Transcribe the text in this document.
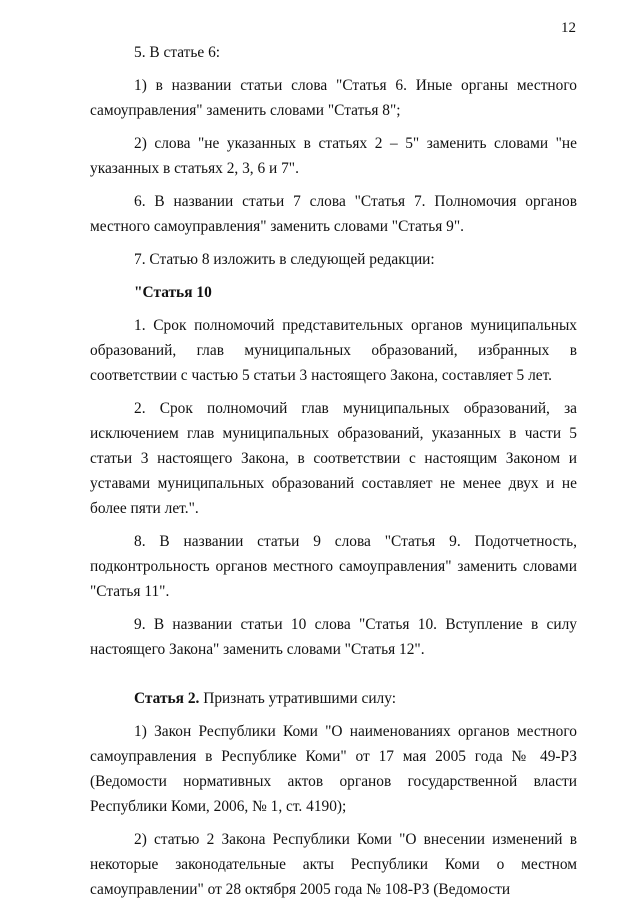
12

5. В статье 6:

1) в названии статьи слова "Статья 6. Иные органы местного самоуправления" заменить словами "Статья 8";

2) слова "не указанных в статьях 2 – 5" заменить словами "не указанных в статьях 2, 3, 6 и 7".

6. В названии статьи 7 слова "Статья 7. Полномочия органов местного самоуправления" заменить словами "Статья 9".

7. Статью 8 изложить в следующей редакции:

"Статья 10

1. Срок полномочий представительных органов муниципальных образований, глав муниципальных образований, избранных в соответствии с частью 5 статьи 3 настоящего Закона, составляет 5 лет.

2. Срок полномочий глав муниципальных образований, за исключением глав муниципальных образований, указанных в части 5 статьи 3 настоящего Закона, в соответствии с настоящим Законом и уставами муниципальных образований составляет не менее двух и не более пяти лет.".

8. В названии статьи 9 слова "Статья 9. Подотчетность, подконтрольность органов местного самоуправления" заменить словами "Статья 11".

9. В названии статьи 10 слова "Статья 10. Вступление в силу настоящего Закона" заменить словами "Статья 12".

Статья 2. Признать утратившими силу:

1) Закон Республики Коми "О наименованиях органов местного самоуправления в Республике Коми" от 17 мая 2005 года № 49-РЗ (Ведомости нормативных актов органов государственной власти Республики Коми, 2006, № 1, ст. 4190);

2) статью 2 Закона Республики Коми "О внесении изменений в некоторые законодательные акты Республики Коми о местном самоуправлении" от 28 октября 2005 года № 108-РЗ (Ведомости
